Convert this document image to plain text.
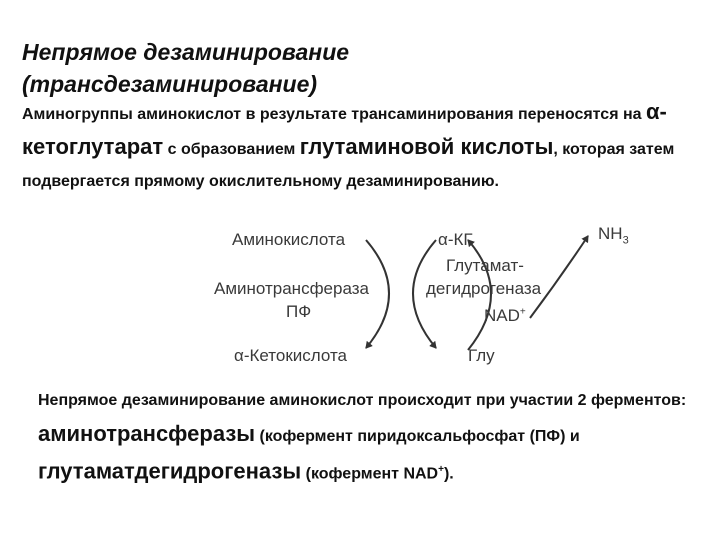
Непрямое дезаминирование
(трансдезаминирование)
Аминогруппы аминокислот в результате трансаминирования переносятся на α-кетоглутарат с образованием глутаминовой кислоты, которая затем подвергается прямому окислительному дезаминированию.
Аминокислота
Аминотрансфераза
ПФ
α-Кетокислота
α-КГ
Глутамат-
дегидрогеназа
NAD+
Глу
$NH_3$
Непрямое дезаминирование аминокислот происходит при участии 2 ферментов: аминотрансферазы (кофермент пиридоксальфосфат (ПФ) и глутаматдегидрогеназы (кофермент NAD+).
